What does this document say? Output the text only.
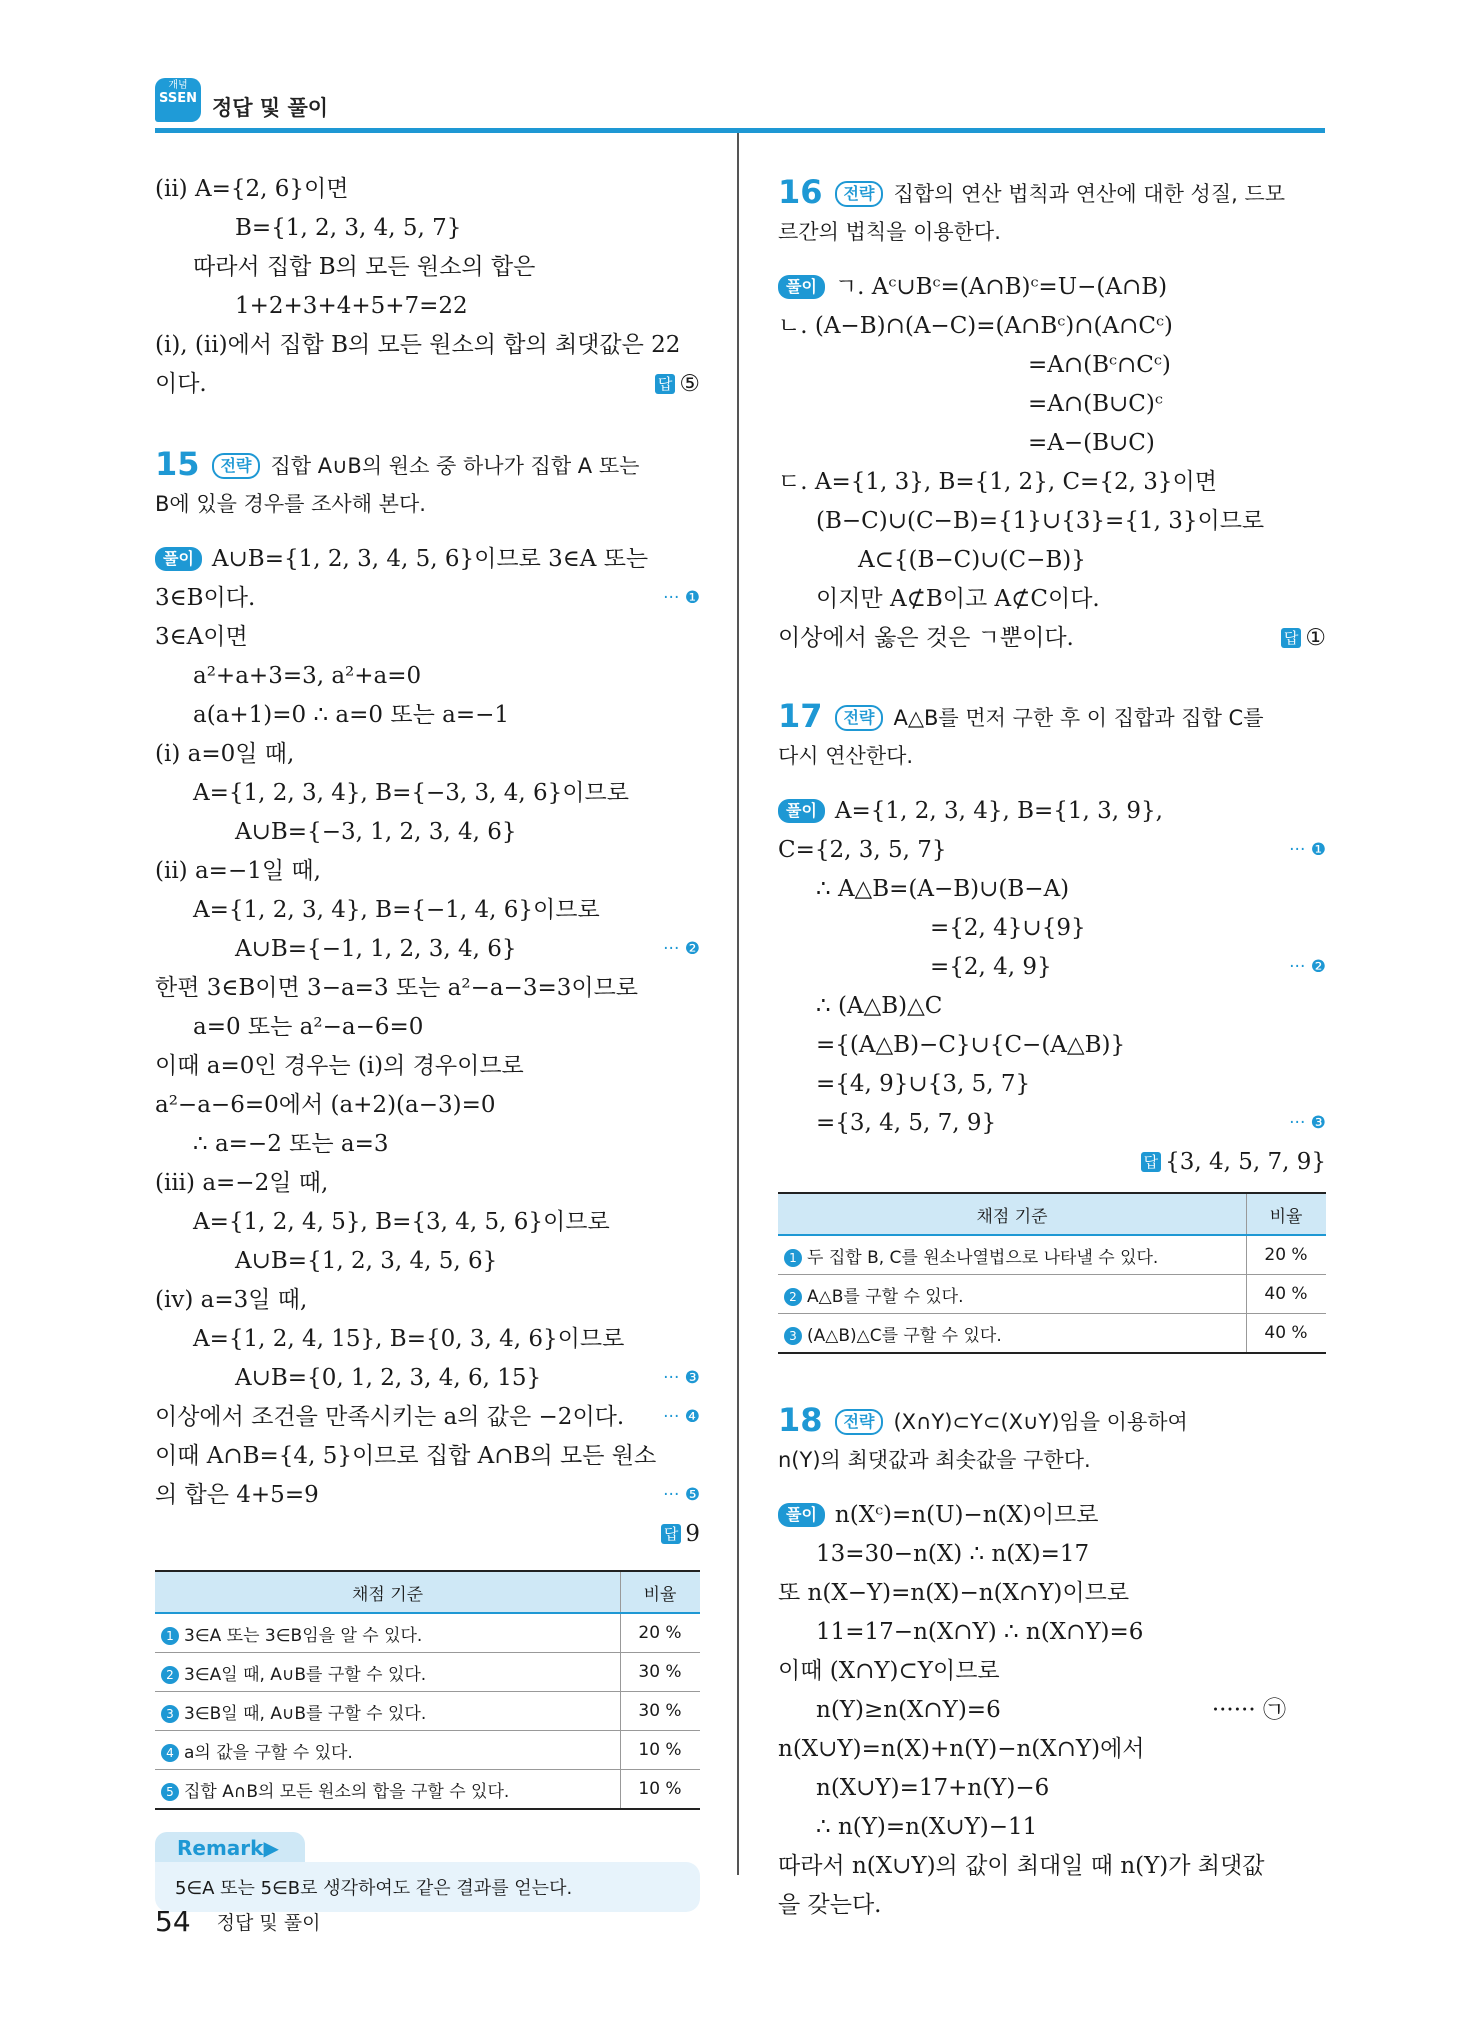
개념
SSEN 정답 및 풀이
(ii) A={2, 6}이면
B={1, 2, 3, 4, 5, 7}
따라서 집합 B의 모든 원소의 합은
1+2+3+4+5+7=22
(i), (ii)에서 집합 B의 모든 원소의 합의 최댓값은 22
이다.	답 ⑤
15 전략 집합 A∪B의 원소 중 하나가 집합 A 또는
B에 있을 경우를 조사해 본다.
풀이 A∪B={1, 2, 3, 4, 5, 6}이므로 3∈A 또는
3∈B이다.	··· ❶
3∈A이면
a²+a+3=3, a²+a=0
a(a+1)=0 ∴ a=0 또는 a=−1
(i) a=0일 때,
A={1, 2, 3, 4}, B={−3, 3, 4, 6}이므로
A∪B={−3, 1, 2, 3, 4, 6}
(ii) a=−1일 때,
A={1, 2, 3, 4}, B={−1, 4, 6}이므로
A∪B={−1, 1, 2, 3, 4, 6}	··· ❷
한편 3∈B이면 3−a=3 또는 a²−a−3=3이므로
a=0 또는 a²−a−6=0
이때 a=0인 경우는 (i)의 경우이므로
a²−a−6=0에서 (a+2)(a−3)=0
∴ a=−2 또는 a=3
(iii) a=−2일 때,
A={1, 2, 4, 5}, B={3, 4, 5, 6}이므로
A∪B={1, 2, 3, 4, 5, 6}
(iv) a=3일 때,
A={1, 2, 4, 15}, B={0, 3, 4, 6}이므로
A∪B={0, 1, 2, 3, 4, 6, 15}	··· ❸
이상에서 조건을 만족시키는 a의 값은 −2이다. ··· ❹
이때 A∩B={4, 5}이므로 집합 A∩B의 모든 원소
의 합은 4+5=9	··· ❺
답 9
채점 기준	비율
1 3∈A 또는 3∈B임을 알 수 있다.	20 %
2 3∈A일 때, A∪B를 구할 수 있다.	30 %
3 3∈B일 때, A∪B를 구할 수 있다.	30 %
4 a의 값을 구할 수 있다.	10 %
5 집합 A∩B의 모든 원소의 합을 구할 수 있다.	10 %
Remark▶
5∈A 또는 5∈B로 생각하여도 같은 결과를 얻는다.
16 전략 집합의 연산 법칙과 연산에 대한 성질, 드모
르간의 법칙을 이용한다.
풀이 ㄱ. Aᶜ∪Bᶜ=(A∩B)ᶜ=U−(A∩B)
ㄴ. (A−B)∩(A−C)=(A∩Bᶜ)∩(A∩Cᶜ)
=A∩(Bᶜ∩Cᶜ)
=A∩(B∪C)ᶜ
=A−(B∪C)
ㄷ. A={1, 3}, B={1, 2}, C={2, 3}이면
(B−C)∪(C−B)={1}∪{3}={1, 3}이므로
A⊂{(B−C)∪(C−B)}
이지만 A⊄B이고 A⊄C이다.
이상에서 옳은 것은 ㄱ뿐이다.	답 ①
17 전략 A△B를 먼저 구한 후 이 집합과 집합 C를
다시 연산한다.
풀이 A={1, 2, 3, 4}, B={1, 3, 9},
C={2, 3, 5, 7}	··· ❶
∴ A△B=(A−B)∪(B−A)
={2, 4}∪{9}
={2, 4, 9}	··· ❷
∴ (A△B)△C
={(A△B)−C}∪{C−(A△B)}
={4, 9}∪{3, 5, 7}
={3, 4, 5, 7, 9}	··· ❸
답 {3, 4, 5, 7, 9}
채점 기준	비율
1 두 집합 B, C를 원소나열법으로 나타낼 수 있다.	20 %
2 A△B를 구할 수 있다.	40 %
3 (A△B)△C를 구할 수 있다.	40 %
18 전략 (X∩Y)⊂Y⊂(X∪Y)임을 이용하여
n(Y)의 최댓값과 최솟값을 구한다.
풀이 n(Xᶜ)=n(U)−n(X)이므로
13=30−n(X) ∴ n(X)=17
또 n(X−Y)=n(X)−n(X∩Y)이므로
11=17−n(X∩Y) ∴ n(X∩Y)=6
이때 (X∩Y)⊂Y이므로
n(Y)≥n(X∩Y)=6	······ ㉠
n(X∪Y)=n(X)+n(Y)−n(X∩Y)에서
n(X∪Y)=17+n(Y)−6
∴ n(Y)=n(X∪Y)−11
따라서 n(X∪Y)의 값이 최대일 때 n(Y)가 최댓값
을 갖는다.
54 정답 및 풀이
